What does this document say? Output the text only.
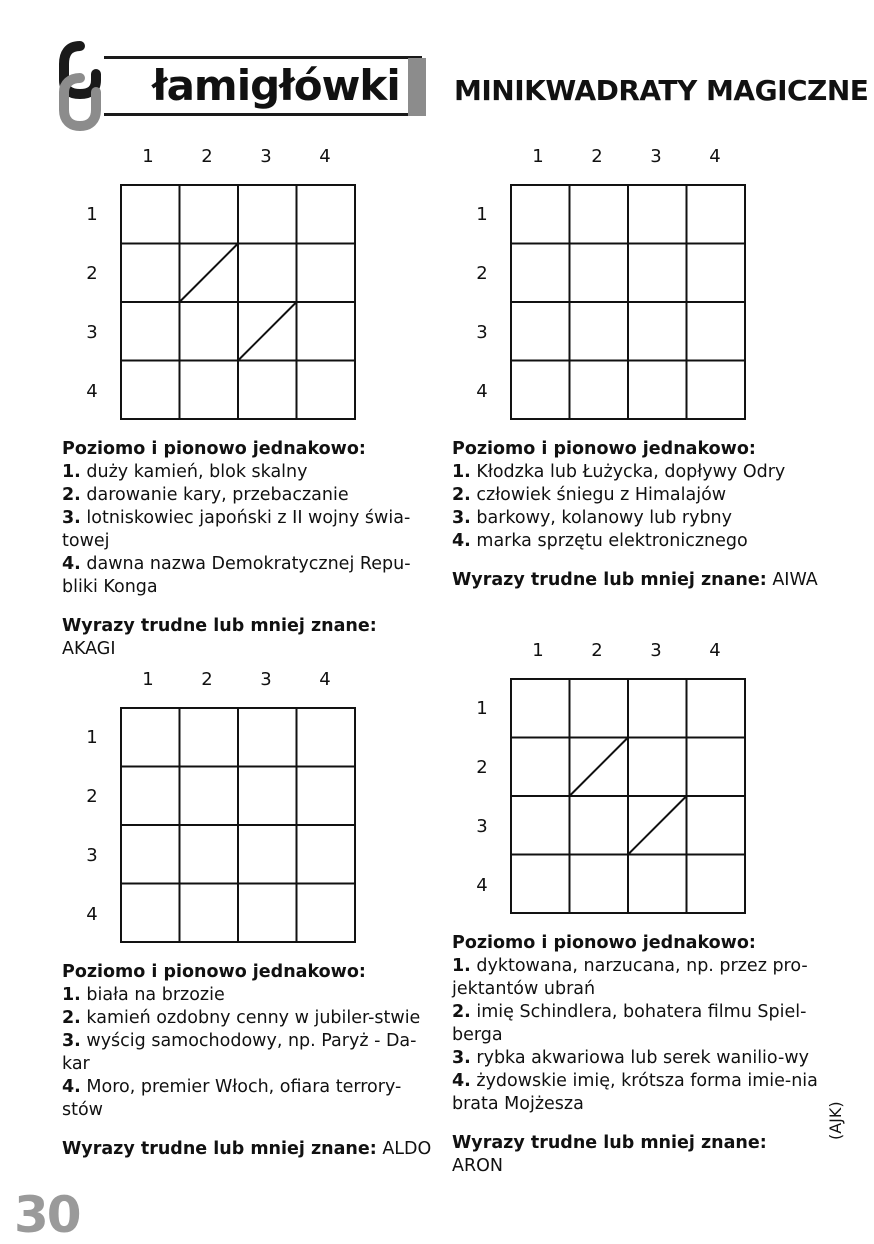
łamigłówki MINIKWADRATY MAGICZNE
1	2	3	4
1
2
3
4
Poziomo i pionowo jednakowo:
1. duży kamień, blok skalny
2. darowanie kary, przebaczanie
3. lotniskowiec japoński z II wojny świa-towej
4. dawna nazwa Demokratycznej Repu-bliki Konga
Wyrazy trudne lub mniej znane: AKAGI
1	2	3	4
1
2
3
4
Poziomo i pionowo jednakowo:
1. Kłodzka lub Łużycka, dopływy Odry
2. człowiek śniegu z Himalajów
3. barkowy, kolanowy lub rybny
4. marka sprzętu elektronicznego
Wyrazy trudne lub mniej znane: AIWA
1	2	3	4
1
2
3
4
Poziomo i pionowo jednakowo:
1. biała na brzozie
2. kamień ozdobny cenny w jubiler-stwie
3. wyścig samochodowy, np. Paryż - Da-kar
4. Moro, premier Włoch, ofiara terrory-stów
Wyrazy trudne lub mniej znane: ALDO
1	2	3	4
1
2
3
4
Poziomo i pionowo jednakowo:
1. dyktowana, narzucana, np. przez pro-jektantów ubrań
2. imię Schindlera, bohatera filmu Spiel-berga
3. rybka akwariowa lub serek wanilio-wy
4. żydowskie imię, krótsza forma imie-nia brata Mojżesza
Wyrazy trudne lub mniej znane: ARON
(AJK)
30
